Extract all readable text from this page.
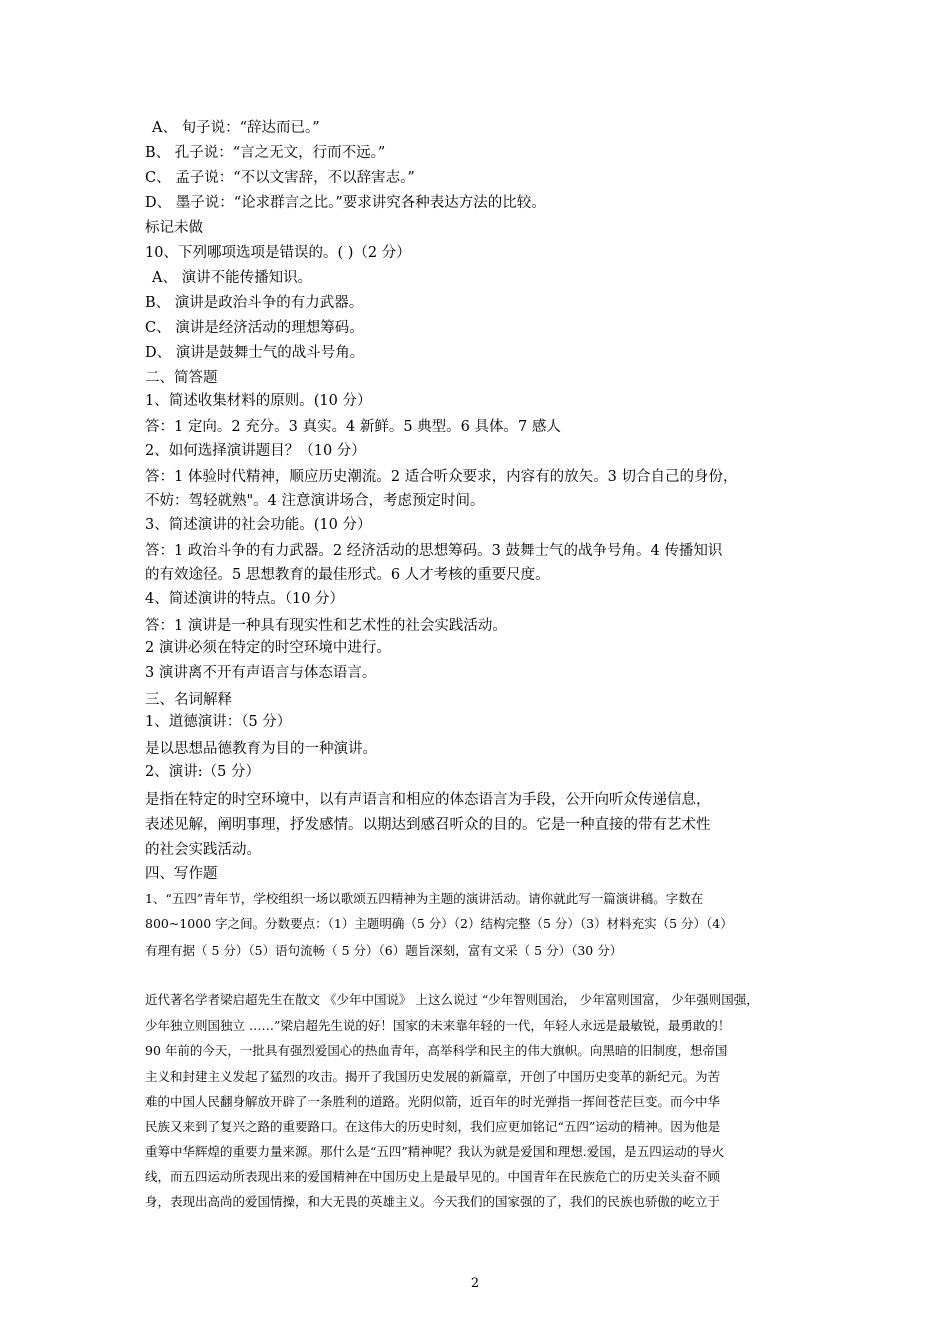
A、 旬子说：“辞达而已。”
B、 孔子说：“言之无文，行而不远。”
C、 孟子说：“不以文害辞，不以辞害志。”
D、 墨子说：“论求群言之比。”要求讲究各种表达方法的比较。
标记未做
10、下列哪项选项是错误的。( )（2 分）
A、 演讲不能传播知识。
B、 演讲是政治斗争的有力武器。
C、 演讲是经济活动的理想筹码。
D、 演讲是鼓舞士气的战斗号角。
二、简答题
1、简述收集材料的原则。(10 分）
答：1 定向。2 充分。3 真实。4 新鲜。5 典型。6 具体。7 感人
2、如何选择演讲题目？（10 分）
答：1 体验时代精神，顺应历史潮流。2 适合听众要求，内容有的放矢。3 切合自己的身份，
不妨：驾轻就熟"。4 注意演讲场合，考虑预定时间。
3、简述演讲的社会功能。(10 分）
答：1 政治斗争的有力武器。2 经济活动的思想筹码。3 鼓舞士气的战争号角。4 传播知识
的有效途径。5 思想教育的最佳形式。6 人才考核的重要尺度。
4、简述演讲的特点。（10 分）
答：1 演讲是一种具有现实性和艺术性的社会实践活动。
2 演讲必须在特定的时空环境中进行。
3 演讲离不开有声语言与体态语言。
三、名词解释
1、道德演讲：（5 分）
是以思想品德教育为目的一种演讲。
2、演讲:（5 分）
是指在特定的时空环境中，以有声语言和相应的体态语言为手段，公开向听众传递信息，
表述见解，阐明事理，抒发感情。以期达到感召听众的目的。它是一种直接的带有艺术性
的社会实践活动。
四、写作题
1、“五四”青年节，学校组织一场以歌颂五四精神为主题的演讲活动。请你就此写一篇演讲稿。字数在
800~1000 字之间。分数要点：（1）主题明确（5 分）（2）结构完整（5 分）（3）材料充实（5 分）（4）
有理有据（ 5 分）（5）语句流畅（ 5 分）（6）题旨深刻，富有文采（ 5 分）（30 分）
近代著名学者梁启超先生在散文 《少年中国说》 上这么说过 “少年智则国治， 少年富则国富， 少年强则国强，
少年独立则国独立 ……”梁启超先生说的好！国家的未来靠年轻的一代，年轻人永远是最敏锐，最勇敢的！
90 年前的今天，一批具有强烈爱国心的热血青年，高举科学和民主的伟大旗帜。向黑暗的旧制度，想帝国
主义和封建主义发起了猛烈的攻击。揭开了我国历史发展的新篇章，开创了中国历史变革的新纪元。为苦
难的中国人民翻身解放开辟了一条胜利的道路。光阴似箭，近百年的时光弹指一挥间苍茫巨变。而今中华
民族又来到了复兴之路的重要路口。在这伟大的历史时刻，我们应更加铭记“五四”运动的精神。因为他是
重筹中华辉煌的重要力量来源。那什么是“五四”精神呢？我认为就是爱国和理想.爱国，是五四运动的导火
线，而五四运动所表现出来的爱国精神在中国历史上是最早见的。中国青年在民族危亡的历史关头奋不顾
身，表现出高尚的爱国情操，和大无畏的英雄主义。今天我们的国家强的了，我们的民族也骄傲的屹立于
2
